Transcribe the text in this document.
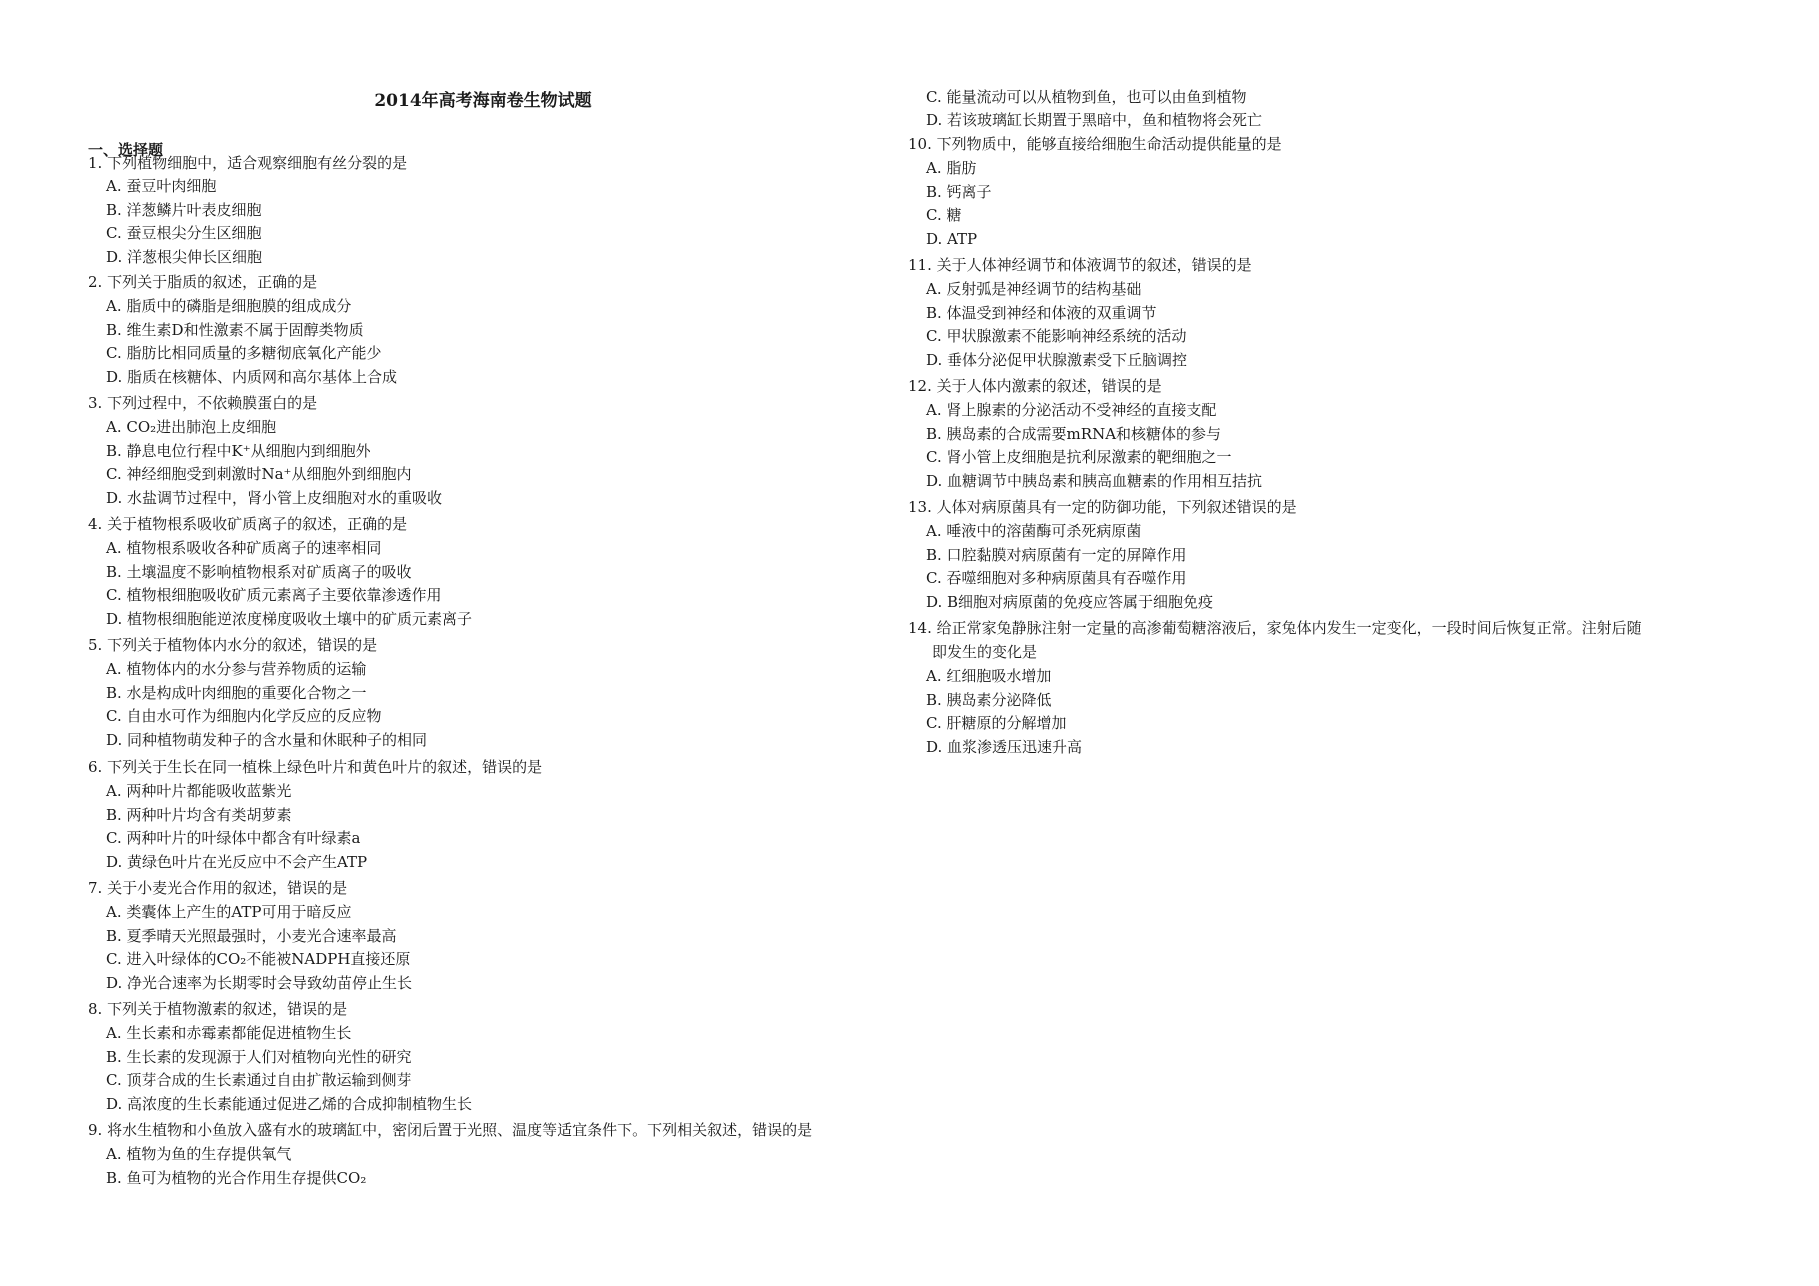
2014年高考海南卷生物试题
一、选择题
1. 下列植物细胞中，适合观察细胞有丝分裂的是
A. 蚕豆叶肉细胞
B. 洋葱鳞片叶表皮细胞
C. 蚕豆根尖分生区细胞
D. 洋葱根尖伸长区细胞
2. 下列关于脂质的叙述，正确的是
A. 脂质中的磷脂是细胞膜的组成成分
B. 维生素D和性激素不属于固醇类物质
C. 脂肪比相同质量的多糖彻底氧化产能少
D. 脂质在核糖体、内质网和高尔基体上合成
3. 下列过程中，不依赖膜蛋白的是
A. CO₂进出肺泡上皮细胞
B. 静息电位行程中K⁺从细胞内到细胞外
C. 神经细胞受到刺激时Na⁺从细胞外到细胞内
D. 水盐调节过程中，肾小管上皮细胞对水的重吸收
4. 关于植物根系吸收矿质离子的叙述，正确的是
A. 植物根系吸收各种矿质离子的速率相同
B. 土壤温度不影响植物根系对矿质离子的吸收
C. 植物根细胞吸收矿质元素离子主要依靠渗透作用
D. 植物根细胞能逆浓度梯度吸收土壤中的矿质元素离子
5. 下列关于植物体内水分的叙述，错误的是
A. 植物体内的水分参与营养物质的运输
B. 水是构成叶肉细胞的重要化合物之一
C. 自由水可作为细胞内化学反应的反应物
D. 同种植物萌发种子的含水量和休眠种子的相同
6. 下列关于生长在同一植株上绿色叶片和黄色叶片的叙述，错误的是
A. 两种叶片都能吸收蓝紫光
B. 两种叶片均含有类胡萝素
C. 两种叶片的叶绿体中都含有叶绿素a
D. 黄绿色叶片在光反应中不会产生ATP
7. 关于小麦光合作用的叙述，错误的是
A. 类囊体上产生的ATP可用于暗反应
B. 夏季晴天光照最强时，小麦光合速率最高
C. 进入叶绿体的CO₂不能被NADPH直接还原
D. 净光合速率为长期零时会导致幼苗停止生长
8. 下列关于植物激素的叙述，错误的是
A. 生长素和赤霉素都能促进植物生长
B. 生长素的发现源于人们对植物向光性的研究
C. 顶芽合成的生长素通过自由扩散运输到侧芽
D. 高浓度的生长素能通过促进乙烯的合成抑制植物生长
9. 将水生植物和小鱼放入盛有水的玻璃缸中，密闭后置于光照、温度等适宜条件下。下列相关叙述，错误的是
A. 植物为鱼的生存提供氧气
B. 鱼可为植物的光合作用生存提供CO₂
C. 能量流动可以从植物到鱼，也可以由鱼到植物
D. 若该玻璃缸长期置于黑暗中，鱼和植物将会死亡
10. 下列物质中，能够直接给细胞生命活动提供能量的是
A. 脂肪
B. 钙离子
C. 糖
D. ATP
11. 关于人体神经调节和体液调节的叙述，错误的是
A. 反射弧是神经调节的结构基础
B. 体温受到神经和体液的双重调节
C. 甲状腺激素不能影响神经系统的活动
D. 垂体分泌促甲状腺激素受下丘脑调控
12. 关于人体内激素的叙述，错误的是
A. 肾上腺素的分泌活动不受神经的直接支配
B. 胰岛素的合成需要mRNA和核糖体的参与
C. 肾小管上皮细胞是抗利尿激素的靶细胞之一
D. 血糖调节中胰岛素和胰高血糖素的作用相互拮抗
13. 人体对病原菌具有一定的防御功能，下列叙述错误的是
A. 唾液中的溶菌酶可杀死病原菌
B. 口腔黏膜对病原菌有一定的屏障作用
C. 吞噬细胞对多种病原菌具有吞噬作用
D. B细胞对病原菌的免疫应答属于细胞免疫
14. 给正常家兔静脉注射一定量的高渗葡萄糖溶液后，家兔体内发生一定变化，一段时间后恢复正常。注射后随
即发生的变化是
A. 红细胞吸水增加
B. 胰岛素分泌降低
C. 肝糖原的分解增加
D. 血浆渗透压迅速升高
